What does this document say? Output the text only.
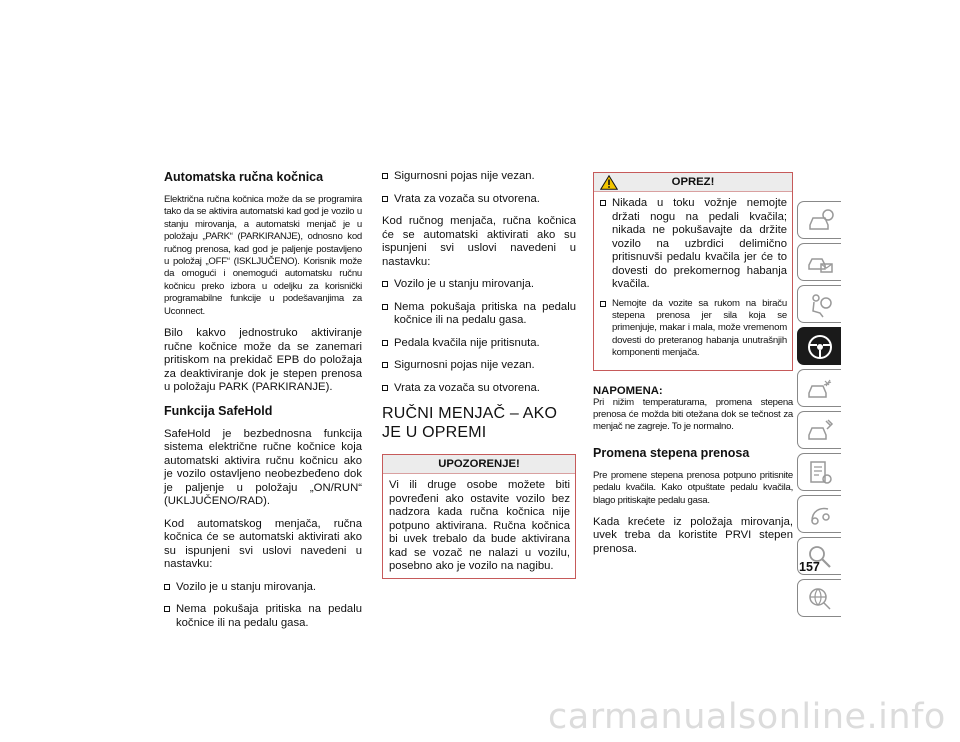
Automatska ručna kočnica

Električna ručna kočnica može da se programira tako da se aktivira automatski kad god je vozilo u stanju mirovanja, a automatski menjač je u položaju „PARK“ (PARKIRANJE), odnosno kod ručnog prenosa, kad god je paljenje postavljeno u položaj „OFF“ (ISKLJUČENO). Korisnik može da omogući i onemogući automatsku ručnu kočnicu preko izbora u odeljku za korisnički programabilne funkcije u podešavanjima za Uconnect.

Bilo kakvo jednostruko aktiviranje ručne kočnice može da se zanemari pritiskom na prekidač EPB do položaja za deaktiviranje dok je stepen prenosa u položaju PARK (PARKIRANJE).

Funkcija SafeHold

SafeHold je bezbednosna funkcija sistema električne ručne kočnice koja automatski aktivira ručnu kočnicu ako je vozilo ostavljeno neobezbeđeno dok je paljenje u položaju „ON/RUN“ (UKLJUČENO/RAD).

Kod automatskog menjača, ručna kočnica će se automatski aktivirati ako su ispunjeni svi uslovi navedeni u nastavku:

Vozilo je u stanju mirovanja.
Nema pokušaja pritiska na pedalu kočnice ili na pedalu gasa.
Sigurnosni pojas nije vezan.
Vrata za vozača su otvorena.

Kod ručnog menjača, ručna kočnica će se automatski aktivirati ako su ispunjeni svi uslovi navedeni u nastavku:

Vozilo je u stanju mirovanja.
Nema pokušaja pritiska na pedalu kočnice ili na pedalu gasa.
Pedala kvačila nije pritisnuta.
Sigurnosni pojas nije vezan.
Vrata za vozača su otvorena.
RUČNI MENJAČ – AKO JE U OPREMI
UPOZORENJE!

Vi ili druge osobe možete biti povređeni ako ostavite vozilo bez nadzora kada ručna kočnica nije potpuno aktivirana. Ručna kočnica bi uvek trebalo da bude aktivirana kad se vozač ne nalazi u vozilu, posebno ako je vozilo na nagibu.

OPREZ!
Nikada u toku vožnje nemojte držati nogu na pedali kvačila; nikada ne pokušavajte da držite vozilo na uzbrdici delimično pritisnuvši pedalu kvačila jer će to dovesti do prekomernog habanja kvačila.
Nemojte da vozite sa rukom na biraču stepena prenosa jer sila koja se primenjuje, makar i mala, može vremenom dovesti do preteranog habanja unutrašnjih komponenti menjača.
NAPOMENA:

Pri nižim temperaturama, promena stepena prenosa će možda biti otežana dok se tečnost za menjač ne zagreje. To je normalno.

Promena stepena prenosa

Pre promene stepena prenosa potpuno pritisnite pedalu kvačila. Kako otpuštate pedalu kvačila, blago pritiskajte pedalu gasa.

Kada krećete iz položaja mirovanja, uvek treba da koristite PRVI stepen prenosa.

157
carmanualsonline.info
